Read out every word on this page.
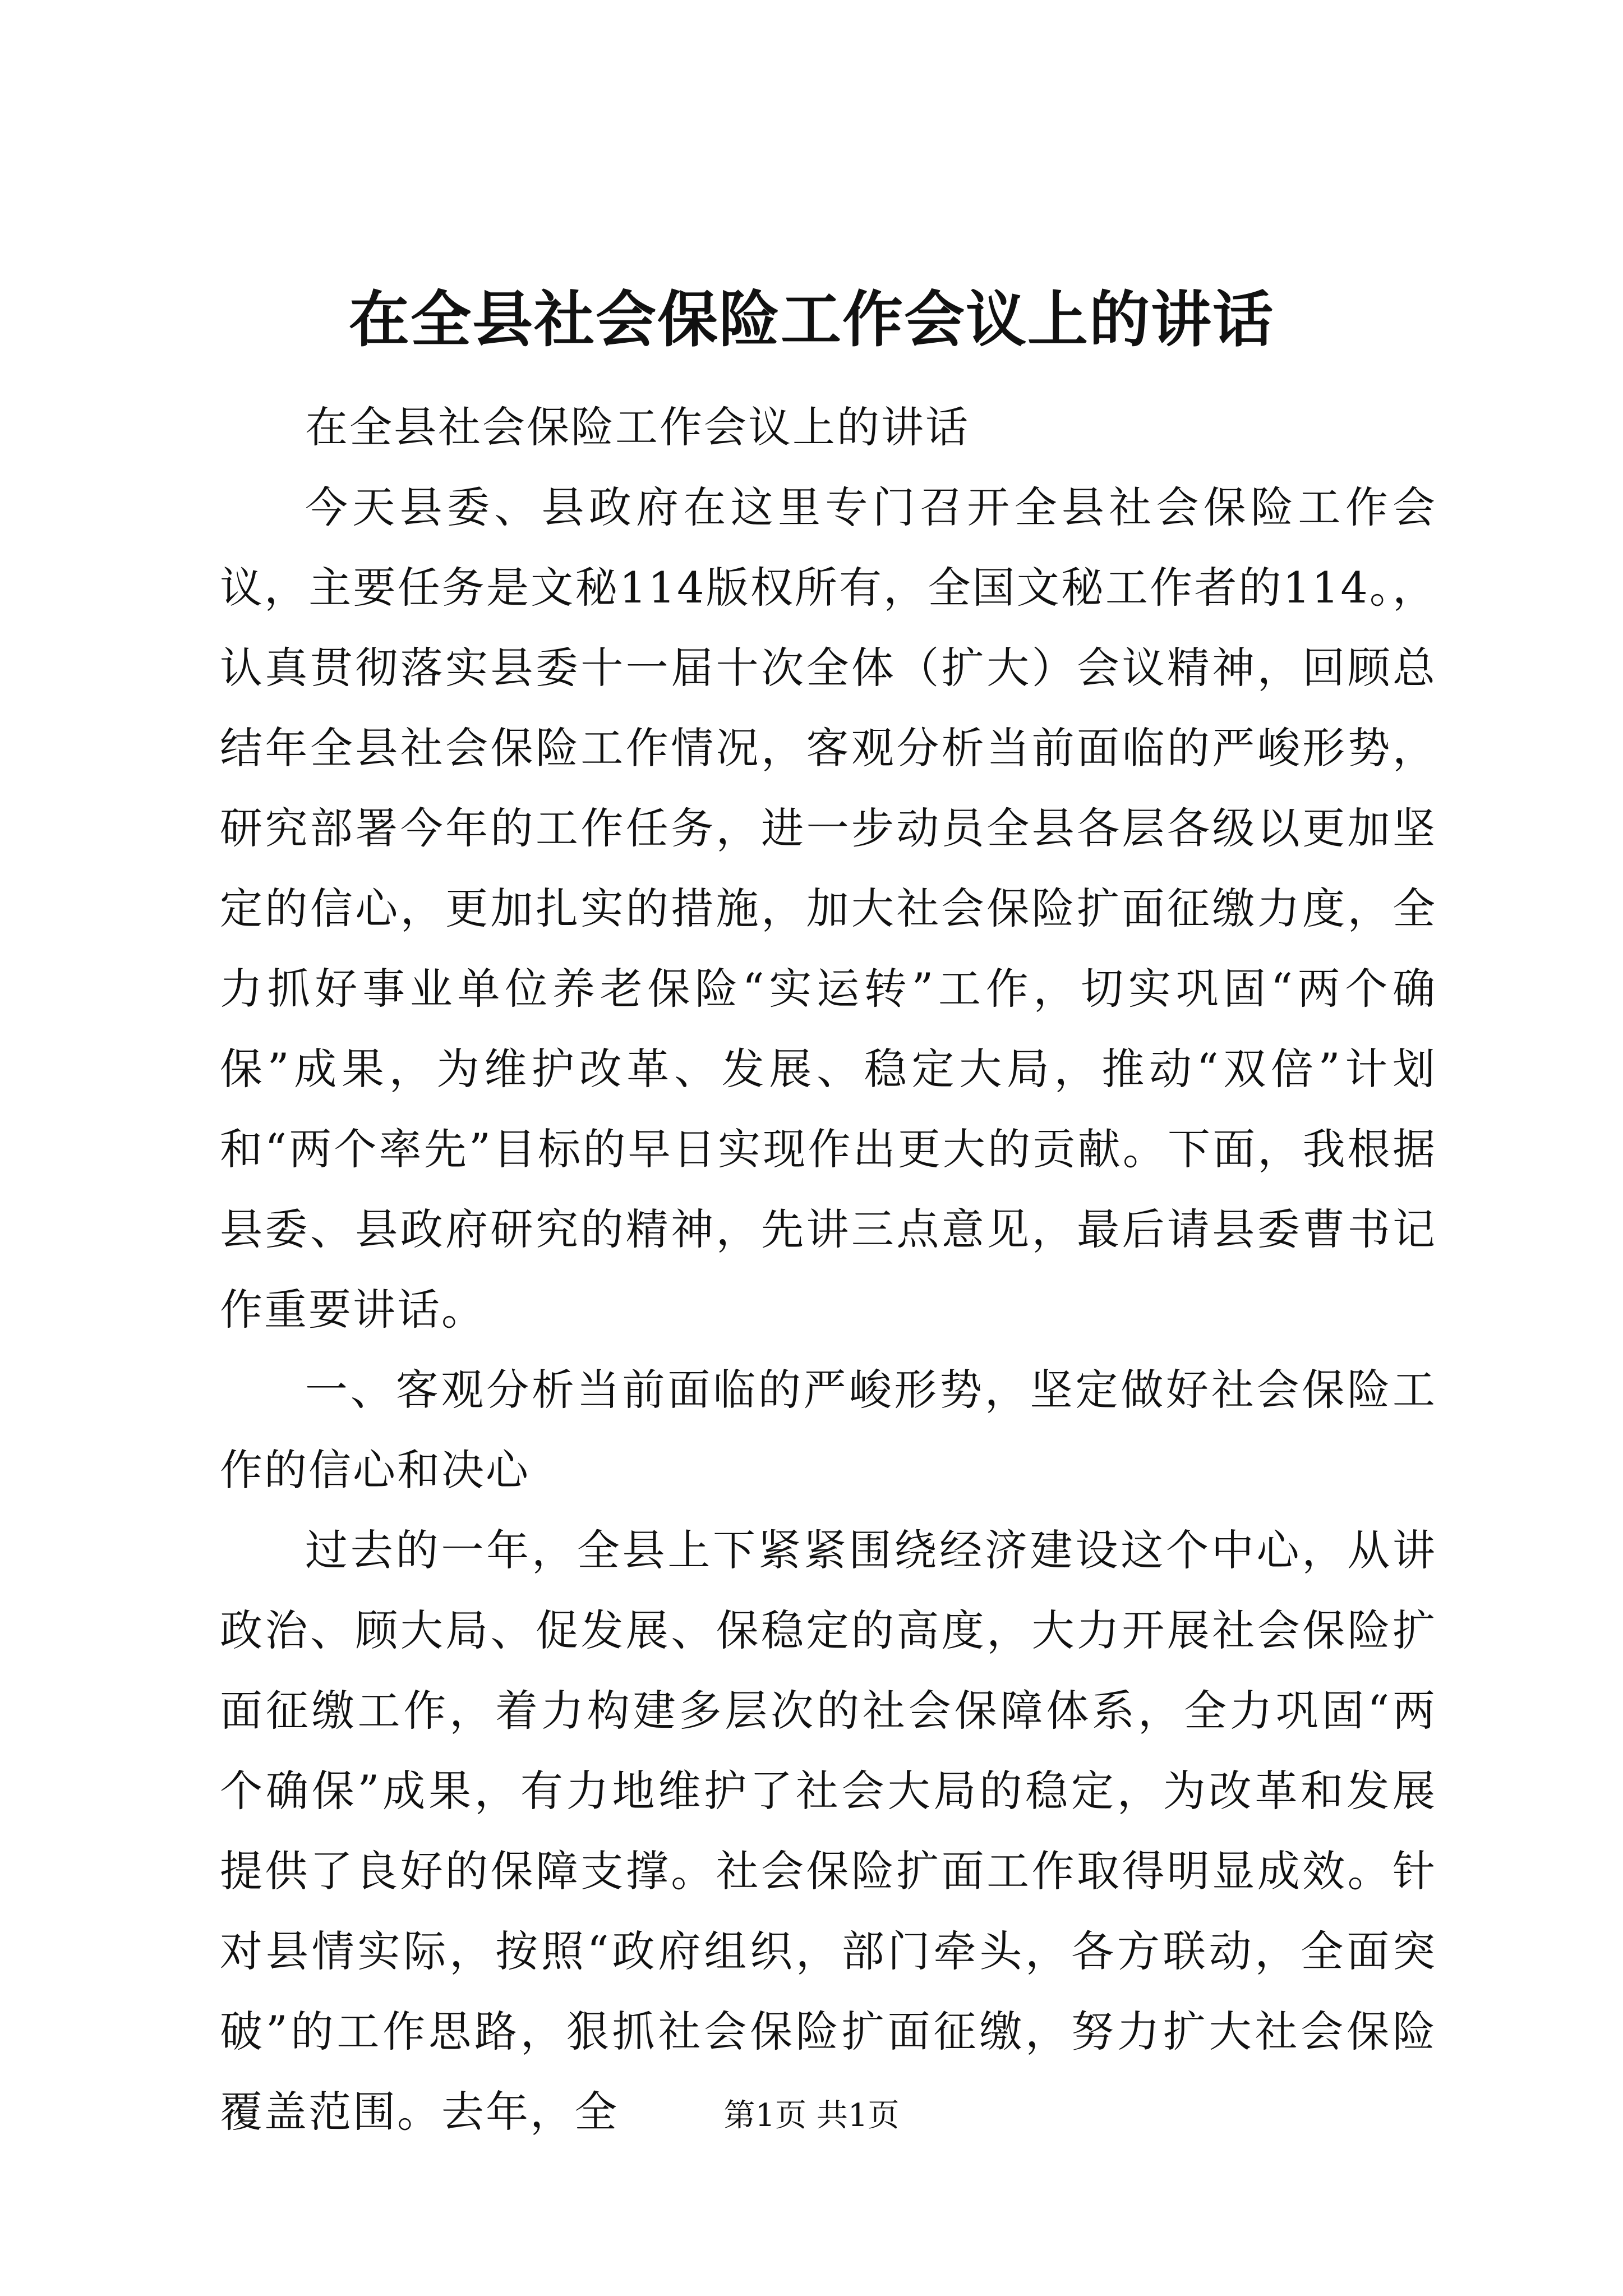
在全县社会保险工作会议上的讲话

在全县社会保险工作会议上的讲话

今天县委、县政府在这里专门召开全县社会保险工作会议，主要任务是文秘114版权所有，全国文秘工作者的114。，认真贯彻落实县委十一届十次全体（扩大）会议精神，回顾总结年全县社会保险工作情况，客观分析当前面临的严峻形势，研究部署今年的工作任务，进一步动员全县各层各级以更加坚定的信心，更加扎实的措施，加大社会保险扩面征缴力度，全力抓好事业单位养老保险“实运转”工作，切实巩固“两个确保”成果，为维护改革、发展、稳定大局，推动“双倍”计划和“两个率先”目标的早日实现作出更大的贡献。下面，我根据县委、县政府研究的精神，先讲三点意见，最后请县委曹书记作重要讲话。

一、客观分析当前面临的严峻形势，坚定做好社会保险工作的信心和决心

过去的一年，全县上下紧紧围绕经济建设这个中心，从讲政治、顾大局、促发展、保稳定的高度，大力开展社会保险扩面征缴工作，着力构建多层次的社会保障体系，全力巩固“两个确保”成果，有力地维护了社会大局的稳定，为改革和发展提供了良好的保障支撑。社会保险扩面工作取得明显成效。针对县情实际，按照“政府组织，部门牵头，各方联动，全面突破”的工作思路，狠抓社会保险扩面征缴，努力扩大社会保险覆盖范围。去年，全	第1页 共1页
